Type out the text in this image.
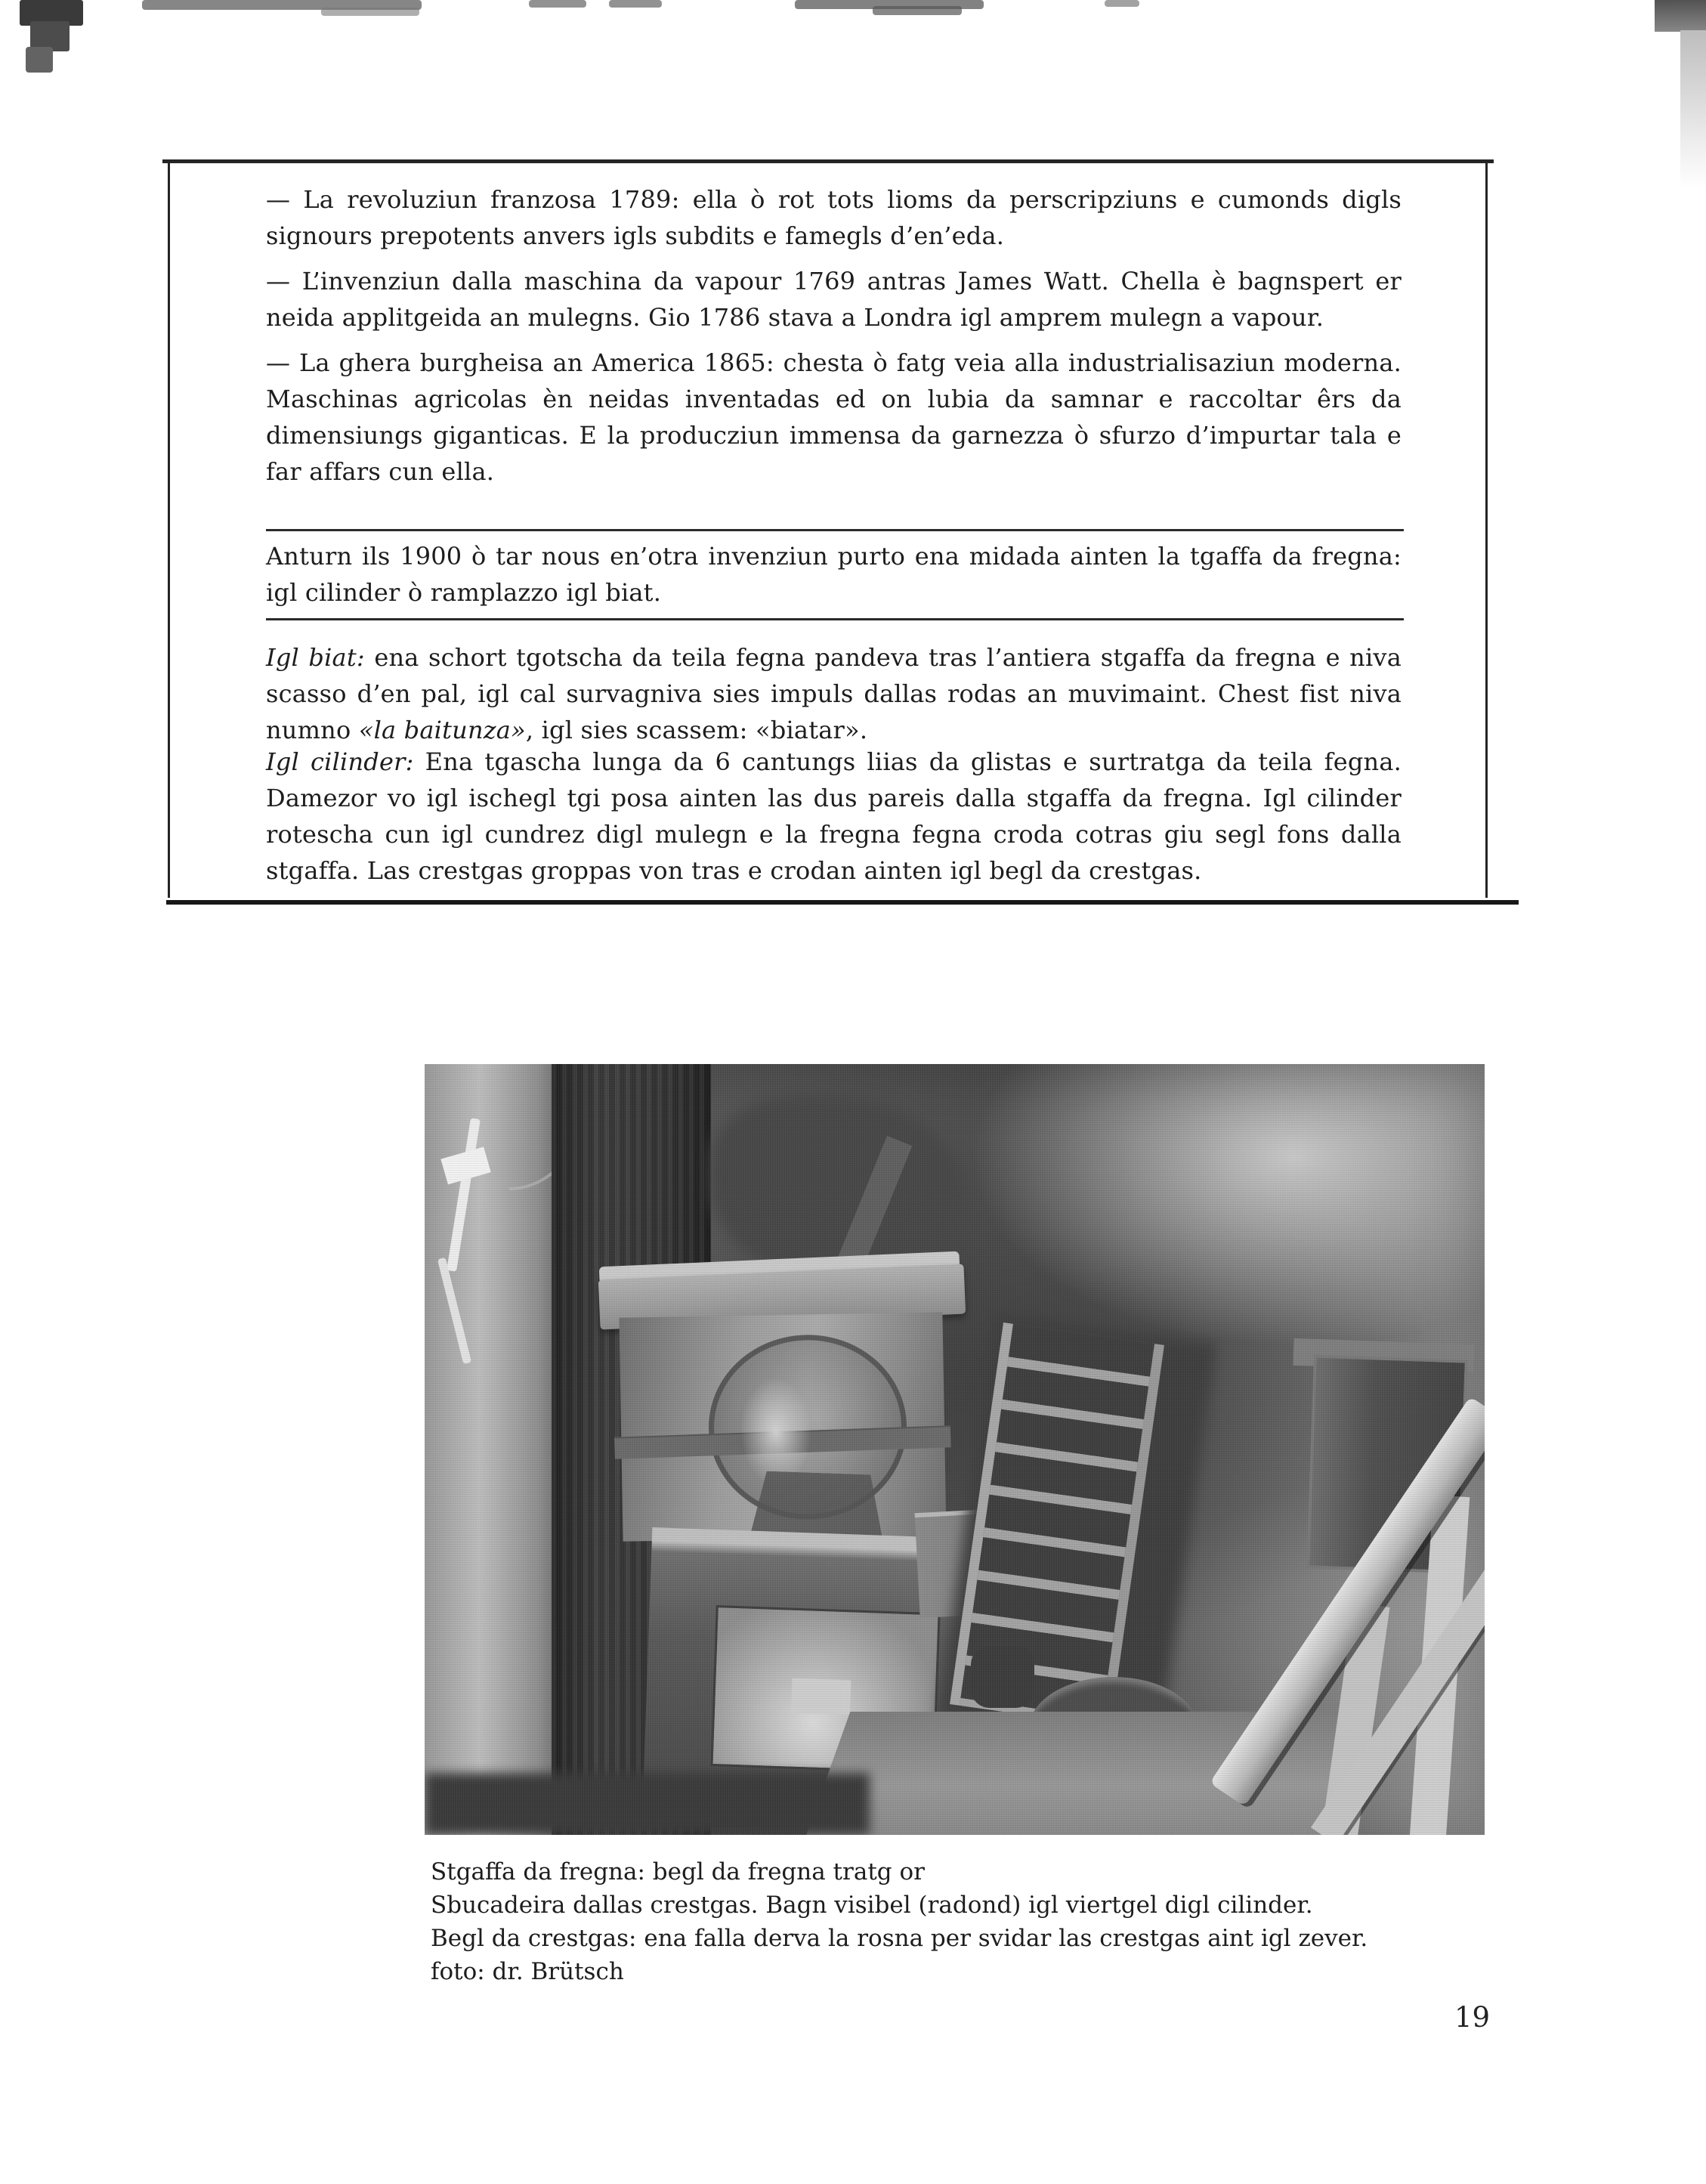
— La revoluziun franzosa 1789: ella ò rot tots lioms da perscripziuns e cumonds digls signours prepotents anvers igls subdits e famegls d’en’eda.

— L’invenziun dalla maschina da vapour 1769 antras James Watt. Chella è bagnspert er neida applitgeida an mulegns. Gio 1786 stava a Londra igl amprem mulegn a vapour.

— La ghera burgheisa an America 1865: chesta ò fatg veia alla industrialisaziun moderna. Maschinas agricolas èn neidas inventadas ed on lubia da samnar e raccoltar êrs da dimensiungs giganticas. E la producziun immensa da garnezza ò sfurzo d’impurtar tala e far affars cun ella.

Anturn ils 1900 ò tar nous en’otra invenziun purto ena midada ainten la tgaffa da fregna: igl cilinder ò ramplazzo igl biat.

Igl biat: ena schort tgotscha da teila fegna pandeva tras l’antiera stgaffa da fregna e niva scasso d’en pal, igl cal survagniva sies impuls dallas rodas an muvimaint. Chest fist niva numno «la baitunza», igl sies scassem: «biatar».

Igl cilinder: Ena tgascha lunga da 6 cantungs liias da glistas e surtratga da teila fegna. Damezor vo igl ischegl tgi posa ainten las dus pareis dalla stgaffa da fregna. Igl cilinder rotescha cun igl cundrez digl mulegn e la fregna fegna croda cotras giu segl fons dalla stgaffa. Las crestgas groppas von tras e crodan ainten igl begl da crestgas.

Stgaffa da fregna: begl da fregna tratg or
Sbucadeira dallas crestgas. Bagn visibel (radond) igl viertgel digl cilinder.
Begl da crestgas: ena falla derva la rosna per svidar las crestgas aint igl zever.
foto: dr. Brütsch
19
